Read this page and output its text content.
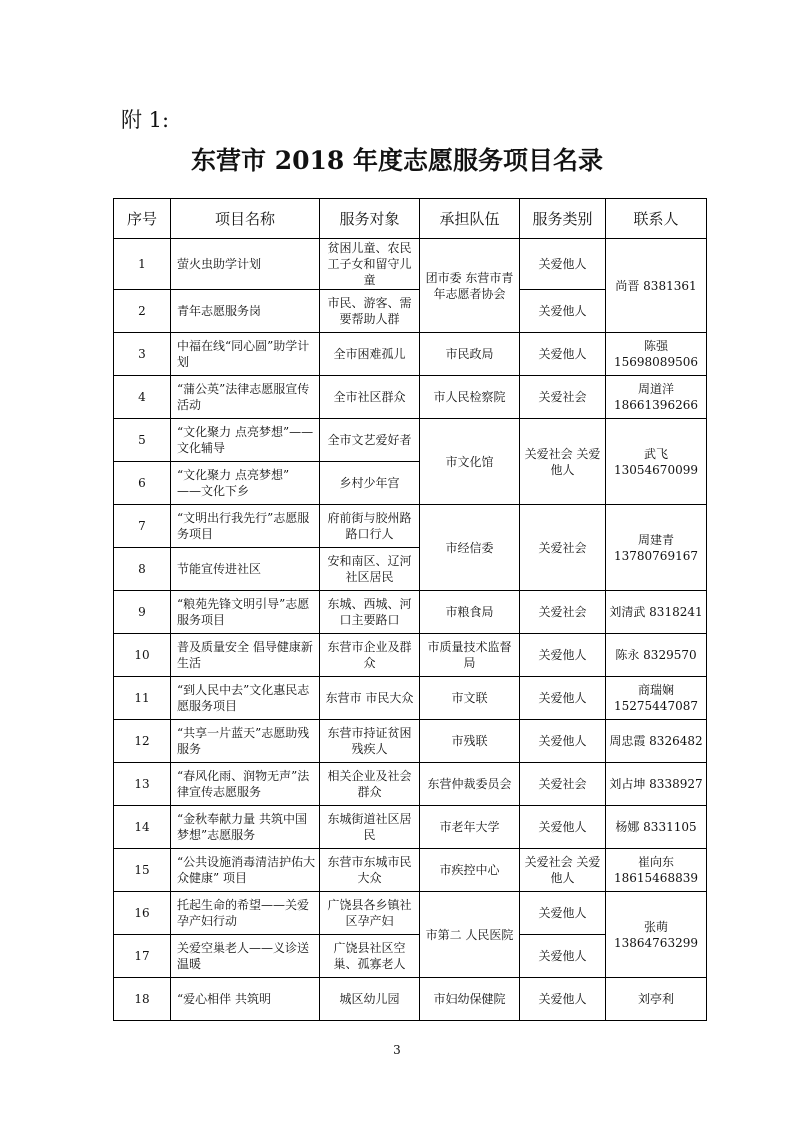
附 1:
东营市 2018 年度志愿服务项目名录
序号	项目名称	服务对象	承担队伍	服务类别	联系人
1	萤火虫助学计划	贫困儿童、农民工子女和留守儿童	团市委 东营市青年志愿者协会	关爱他人	尚晋 8381361
2	青年志愿服务岗	市民、游客、需要帮助人群		关爱他人	
3	中福在线“同心圆”助学计划	全市困难孤儿	市民政局	关爱他人	陈强 15698089506
4	“蒲公英”法律志愿服宣传活动	全市社区群众	市人民检察院	关爱社会	周道洋 18661396266
5	“文化聚力 点亮梦想”——文化辅导	全市文艺爱好者	市文化馆	关爱社会 关爱他人	武飞 13054670099
6	“文化聚力 点亮梦想” ——文化下乡	乡村少年宫			
7	“文明出行我先行”志愿服务项目	府前街与胶州路路口行人	市经信委	关爱社会	周建青 13780769167
8	节能宣传进社区	安和南区、辽河社区居民			
9	“粮苑先锋文明引导”志愿服务项目	东城、西城、河口主要路口	市粮食局	关爱社会	刘清武 8318241
10	普及质量安全 倡导健康新生活	东营市企业及群众	市质量技术监督局	关爱他人	陈永 8329570
11	“到人民中去”文化惠民志愿服务项目	东营市 市民大众	市文联	关爱他人	商瑞娴 15275447087
12	“共享一片蓝天”志愿助残服务	东营市持证贫困残疾人	市残联	关爱他人	周忠霞 8326482
13	“春风化雨、润物无声”法律宣传志愿服务	相关企业及社会群众	东营仲裁委员会	关爱社会	刘占坤 8338927
14	“金秋奉献力量 共筑中国梦想”志愿服务	东城街道社区居民	市老年大学	关爱他人	杨娜 8331105
15	“公共设施消毒清洁护佑大众健康” 项目	东营市东城市民大众	市疾控中心	关爱社会 关爱他人	崔向东 18615468839
16	托起生命的希望——关爱孕产妇行动	广饶县各乡镇社区孕产妇	市第二 人民医院	关爱他人	张萌 13864763299
17	关爱空巢老人——义诊送温暖	广饶县社区空巢、孤寡老人		关爱他人	
18	“爱心相伴 共筑明	城区幼儿园	市妇幼保健院	关爱他人	刘亭利
3
